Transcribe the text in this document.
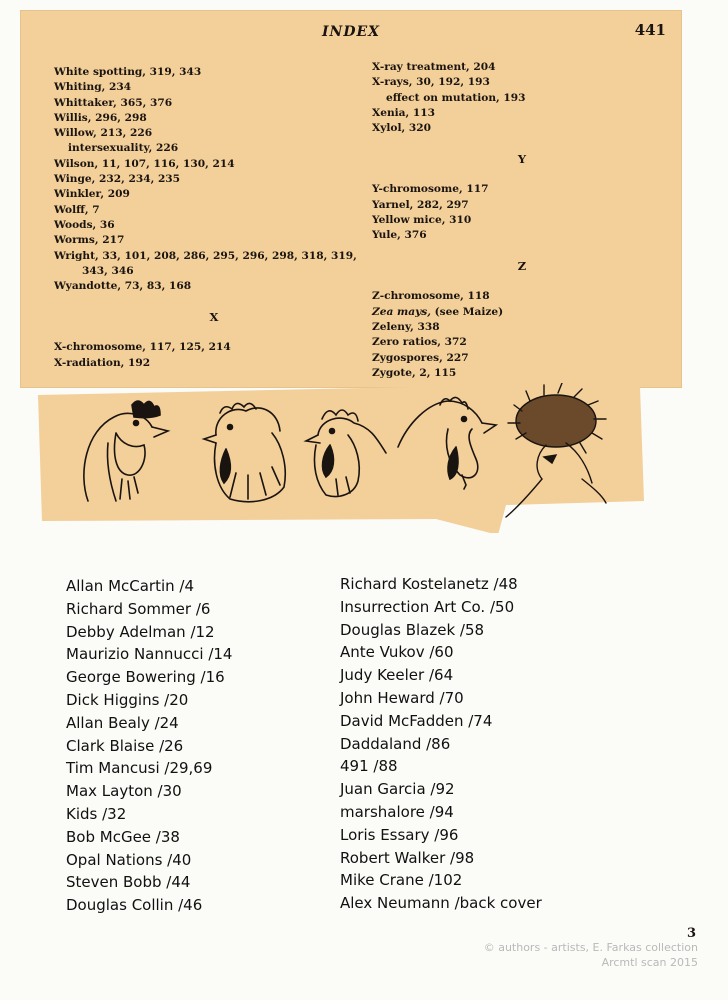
INDEX	441
White spotting, 319, 343
Whiting, 234
Whittaker, 365, 376
Willis, 296, 298
Willow, 213, 226
intersexuality, 226
Wilson, 11, 107, 116, 130, 214
Winge, 232, 234, 235
Winkler, 209
Wolff, 7
Woods, 36
Worms, 217
Wright, 33, 101, 208, 286, 295, 296, 298, 318, 319,
343, 346
Wyandotte, 73, 83, 168
X
X-chromosome, 117, 125, 214
X-radiation, 192
X-ray treatment, 204
X-rays, 30, 192, 193
effect on mutation, 193
Xenia, 113
Xylol, 320
Y
Y-chromosome, 117
Yarnel, 282, 297
Yellow mice, 310
Yule, 376
Z
Z-chromosome, 118
Zea mays, (see Maize)
Zeleny, 338
Zero ratios, 372
Zygospores, 227
Zygote, 2, 115
Allan McCartin /4
Richard Sommer /6
Debby Adelman /12
Maurizio Nannucci /14
George Bowering /16
Dick Higgins /20
Allan Bealy /24
Clark Blaise /26
Tim Mancusi /29,69
Max Layton /30
Kids /32
Bob McGee /38
Opal Nations /40
Steven Bobb /44
Douglas Collin /46
Richard Kostelanetz /48
Insurrection Art Co. /50
Douglas Blazek /58
Ante Vukov /60
Judy Keeler /64
John Heward /70
David McFadden /74
Daddaland /86
491 /88
Juan Garcia /92
marshalore /94
Loris Essary /96
Robert Walker /98
Mike Crane /102
Alex Neumann /back cover
3
© authors - artists, E. Farkas collection
Arcmtl scan 2015
